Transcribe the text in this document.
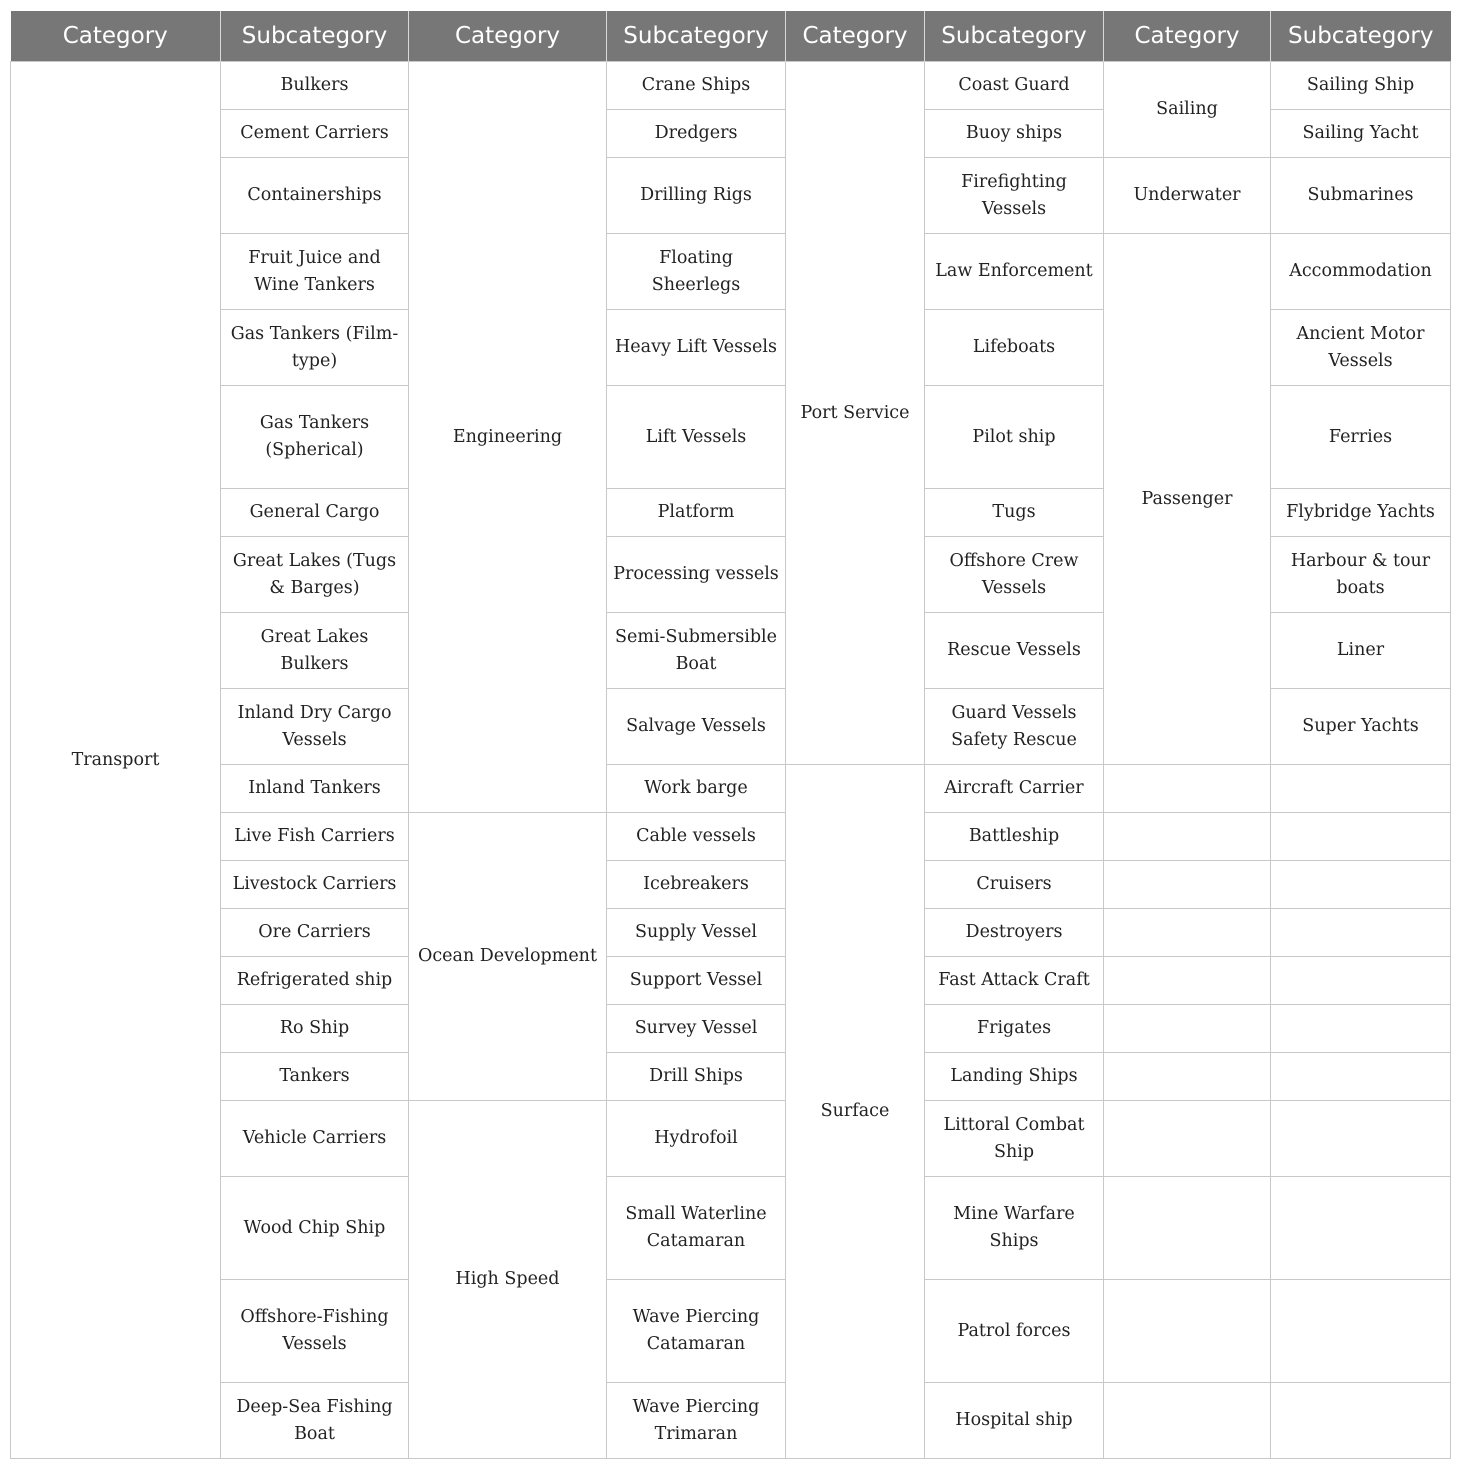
Category	Subcategory	Category	Subcategory	Category	Subcategory	Category	Subcategory
Transport	Bulkers	Engineering	Crane Ships	Port Service	Coast Guard	Sailing	Sailing Ship
	Cement Carriers		Dredgers		Buoy ships		Sailing Yacht
	Containerships		Drilling Rigs		Firefighting Vessels	Underwater	Submarines
	Fruit Juice and Wine Tankers		Floating Sheerlegs		Law Enforcement	Passenger	Accommodation
	Gas Tankers (Film-type)		Heavy Lift Vessels		Lifeboats		Ancient Motor Vessels
	Gas Tankers (Spherical)		Lift Vessels		Pilot ship		Ferries
	General Cargo		Platform		Tugs		Flybridge Yachts
	Great Lakes (Tugs & Barges)		Processing vessels		Offshore Crew Vessels		Harbour & tour boats
	Great Lakes Bulkers		Semi-Submersible Boat		Rescue Vessels		Liner
	Inland Dry Cargo Vessels		Salvage Vessels		Guard Vessels Safety Rescue		Super Yachts
	Inland Tankers		Work barge	Surface	Aircraft Carrier		
	Live Fish Carriers	Ocean Development	Cable vessels		Battleship		
	Livestock Carriers		Icebreakers		Cruisers		
	Ore Carriers		Supply Vessel		Destroyers		
	Refrigerated ship		Support Vessel		Fast Attack Craft		
	Ro Ship		Survey Vessel		Frigates		
	Tankers		Drill Ships		Landing Ships		
	Vehicle Carriers	High Speed	Hydrofoil		Littoral Combat Ship		
	Wood Chip Ship		Small Waterline Catamaran		Mine Warfare Ships		
	Offshore-Fishing Vessels		Wave Piercing Catamaran		Patrol forces		
	Deep-Sea Fishing Boat		Wave Piercing Trimaran		Hospital ship		
